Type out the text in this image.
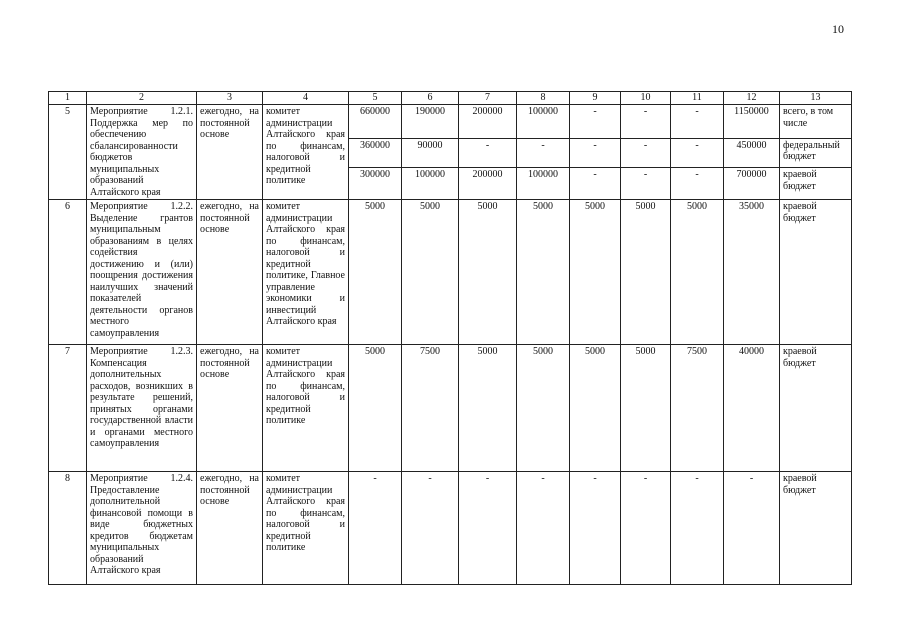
10
1	2	3	4	5	6	7	8	9	10	11	12	13
5	Мероприятие 1.2.1. Поддержка мер по обеспечению сбалансированности бюджетов муниципальных образований Алтайского края	ежегодно, на постоянной основе	комитет администрации Алтайского края по финансам, налоговой и кредитной политике	660000	190000	200000	100000	-	-	-	1150000	всего, в том числе
				360000	90000	-	-	-	-	-	450000	федеральный бюджет
				300000	100000	200000	100000	-	-	-	700000	краевой бюджет
6	Мероприятие 1.2.2. Выделение грантов муниципальным образованиям в целях содействия достижению и (или) поощрения достижения наилучших значений показателей деятельности органов местного самоуправления	ежегодно, на постоянной основе	комитет администрации Алтайского края по финансам, налоговой и кредитной политике, Главное управление экономики и инвестиций Алтайского края	5000	5000	5000	5000	5000	5000	5000	35000	краевой бюджет
7	Мероприятие 1.2.3. Компенсация дополнительных расходов, возникших в результате решений, принятых органами государственной власти и органами местного самоуправления	ежегодно, на постоянной основе	комитет администрации Алтайского края по финансам, налоговой и кредитной политике	5000	7500	5000	5000	5000	5000	7500	40000	краевой бюджет
8	Мероприятие 1.2.4. Предоставление дополнительной финансовой помощи в виде бюджетных кредитов бюджетам муниципальных образований Алтайского края	ежегодно, на постоянной основе	комитет администрации Алтайского края по финансам, налоговой и кредитной политике	-	-	-	-	-	-	-	-	краевой бюджет
